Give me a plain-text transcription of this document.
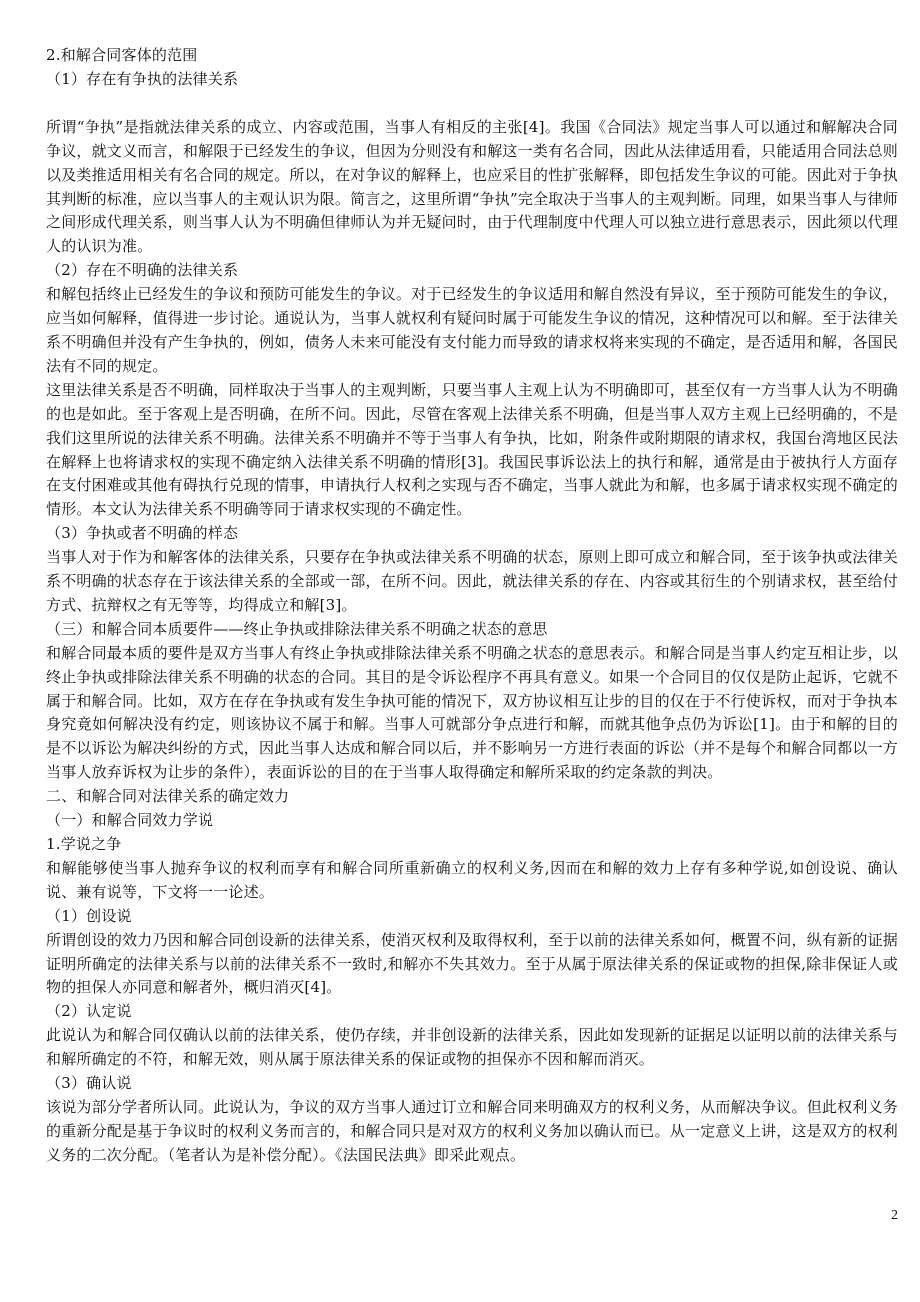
2.和解合同客体的范围

（1）存在有争执的法律关系

所谓“争执”是指就法律关系的成立、内容或范围，当事人有相反的主张[4]。我国《合同法》规定当事人可以通过和解解决合同争议，就文义而言，和解限于已经发生的争议，但因为分则没有和解这一类有名合同，因此从法律适用看，只能适用合同法总则以及类推适用相关有名合同的规定。所以，在对争议的解释上，也应采目的性扩张解释，即包括发生争议的可能。因此对于争执其判断的标准，应以当事人的主观认识为限。简言之，这里所谓“争执”完全取决于当事人的主观判断。同理，如果当事人与律师之间形成代理关系，则当事人认为不明确但律师认为并无疑问时，由于代理制度中代理人可以独立进行意思表示，因此须以代理人的认识为准。

（2）存在不明确的法律关系

和解包括终止已经发生的争议和预防可能发生的争议。对于已经发生的争议适用和解自然没有异议，至于预防可能发生的争议，应当如何解释，值得进一步讨论。通说认为，当事人就权利有疑问时属于可能发生争议的情况，这种情况可以和解。至于法律关系不明确但并没有产生争执的，例如，债务人未来可能没有支付能力而导致的请求权将来实现的不确定，是否适用和解，各国民法有不同的规定。

这里法律关系是否不明确，同样取决于当事人的主观判断，只要当事人主观上认为不明确即可，甚至仅有一方当事人认为不明确的也是如此。至于客观上是否明确，在所不问。因此，尽管在客观上法律关系不明确，但是当事人双方主观上已经明确的，不是我们这里所说的法律关系不明确。法律关系不明确并不等于当事人有争执，比如，附条件或附期限的请求权，我国台湾地区民法在解释上也将请求权的实现不确定纳入法律关系不明确的情形[3]。我国民事诉讼法上的执行和解，通常是由于被执行人方面存在支付困难或其他有碍执行兑现的情事，申请执行人权利之实现与否不确定，当事人就此为和解，也多属于请求权实现不确定的情形。本文认为法律关系不明确等同于请求权实现的不确定性。

（3）争执或者不明确的样态

当事人对于作为和解客体的法律关系，只要存在争执或法律关系不明确的状态，原则上即可成立和解合同，至于该争执或法律关系不明确的状态存在于该法律关系的全部或一部，在所不问。因此，就法律关系的存在、内容或其衍生的个别请求权，甚至给付方式、抗辩权之有无等等，均得成立和解[3]。

（三）和解合同本质要件——终止争执或排除法律关系不明确之状态的意思

和解合同最本质的要件是双方当事人有终止争执或排除法律关系不明确之状态的意思表示。和解合同是当事人约定互相让步，以终止争执或排除法律关系不明确的状态的合同。其目的是令诉讼程序不再具有意义。如果一个合同目的仅仅是防止起诉，它就不属于和解合同。比如，双方在存在争执或有发生争执可能的情况下，双方协议相互让步的目的仅在于不行使诉权，而对于争执本身究竟如何解决没有约定，则该协议不属于和解。当事人可就部分争点进行和解，而就其他争点仍为诉讼[1]。由于和解的目的是不以诉讼为解决纠纷的方式，因此当事人达成和解合同以后，并不影响另一方进行表面的诉讼（并不是每个和解合同都以一方当事人放弃诉权为让步的条件），表面诉讼的目的在于当事人取得确定和解所采取的约定条款的判决。

二、和解合同对法律关系的确定效力

（一）和解合同效力学说

1.学说之争

和解能够使当事人抛弃争议的权利而享有和解合同所重新确立的权利义务,因而在和解的效力上存有多种学说,如创设说、确认说、兼有说等，下文将一一论述。

（1）创设说

所谓创设的效力乃因和解合同创设新的法律关系，使消灭权利及取得权利，至于以前的法律关系如何，概置不问，纵有新的证据证明所确定的法律关系与以前的法律关系不一致时,和解亦不失其效力。至于从属于原法律关系的保证或物的担保,除非保证人或物的担保人亦同意和解者外，概归消灭[4]。

（2）认定说

此说认为和解合同仅确认以前的法律关系，使仍存续，并非创设新的法律关系，因此如发现新的证据足以证明以前的法律关系与和解所确定的不符，和解无效，则从属于原法律关系的保证或物的担保亦不因和解而消灭。

（3）确认说

该说为部分学者所认同。此说认为，争议的双方当事人通过订立和解合同来明确双方的权利义务，从而解决争议。但此权利义务的重新分配是基于争议时的权利义务而言的，和解合同只是对双方的权利义务加以确认而已。从一定意义上讲，这是双方的权利义务的二次分配。（笔者认为是补偿分配）。《法国民法典》即采此观点。

2
